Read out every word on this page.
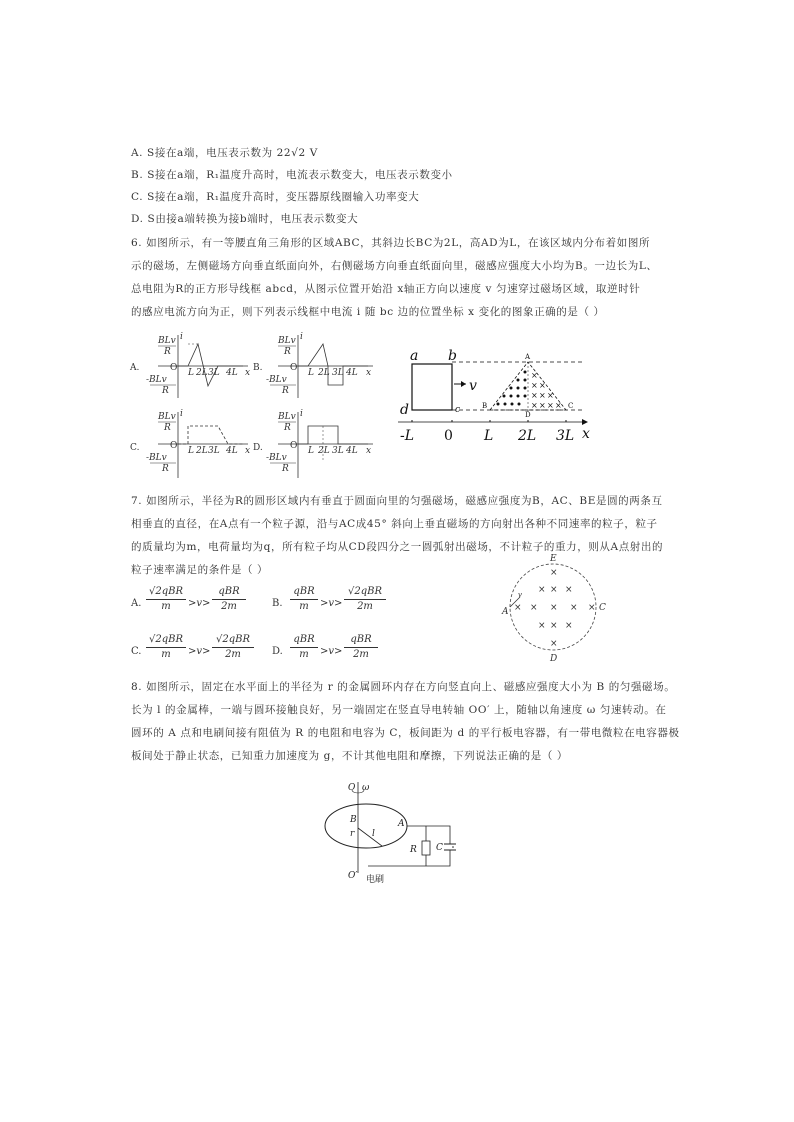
A. S接在a端，电压表示数为 22√2 V
B. S接在a端，R₁温度升高时，电流表示数变大，电压表示数变小
C. S接在a端，R₁温度升高时，变压器原线圈输入功率变大
D. S由接a端转换为接b端时，电压表示数变大
6. 如图所示，有一等腰直角三角形的区域ABC，其斜边长BC为2L，高AD为L，在该区域内分布着如图所
示的磁场，左侧磁场方向垂直纸面向外，右侧磁场方向垂直纸面向里，磁感应强度大小均为B。一边长为L、
总电阻为R的正方形导线框 abcd，从图示位置开始沿 x轴正方向以速度 v 匀速穿过磁场区域，取逆时针
的感应电流方向为正，则下列表示线框中电流 i 随 bc 边的位置坐标 x 变化的图象正确的是（ ）
A.
i
O
BLv
R
-BLv
R
L 2L 3L 4L x B.
i
O
BLv
R
-BLv
R
L 2L 3L 4L x
C.
i
O
BLv
R
-BLv
R
L 2L 3L 4L x D.
i
O
BLv
R
-BLv
R
L 2L 3L 4L x
a b
d	c
v
A
B	C
D
×
× ×
× × ×
× × × ×
-L 0 L 2L 3L x
7. 如图所示，半径为R的圆形区域内有垂直于圆面向里的匀强磁场，磁感应强度为B，AC、BE是圆的两条互
相垂直的直径，在A点有一个粒子源，沿与AC成45° 斜向上垂直磁场的方向射出各种不同速率的粒子，粒子
的质量均为m，电荷量均为q，所有粒子均从CD段四分之一圆弧射出磁场，不计粒子的重力，则从A点射出的
粒子速率满足的条件是（ ）
A.
√2qBR
m	>v>
qBR
2m	B.
qBR
m	>v>
√2qBR
2m
C.
√2qBR
m	>v>
√2qBR
2m	D.
qBR
m	>v>
qBR
2m
E
A	C
D
v
×
× × ×
× × × × ×
× × ×
×
8. 如图所示，固定在水平面上的半径为 r 的金属圆环内存在方向竖直向上、磁感应强度大小为 B 的匀强磁场。
长为 l 的金属棒，一端与圆环接触良好，另一端固定在竖直导电转轴 OO′ 上，随轴以角速度 ω 匀速转动。在
圆环的 A 点和电刷间接有阻值为 R 的电阻和电容为 C，板间距为 d 的平行板电容器，有一带电微粒在电容器极
板间处于静止状态，已知重力加速度为 g，不计其他电阻和摩擦，下列说法正确的是（ ）
O ω
B
r l
A
R C
O′ 电刷
